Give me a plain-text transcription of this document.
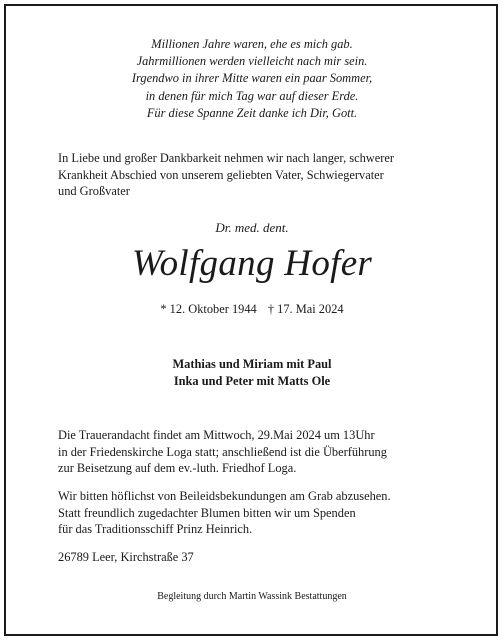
Millionen Jahre waren, ehe es mich gab.
Jahrmillionen werden vielleicht nach mir sein.
Irgendwo in ihrer Mitte waren ein paar Sommer,
in denen für mich Tag war auf dieser Erde.
Für diese Spanne Zeit danke ich Dir, Gott.
In Liebe und großer Dankbarkeit nehmen wir nach langer, schwerer
Krankheit Abschied von unserem geliebten Vater, Schwiegervater
und Großvater
Dr. med. dent.
Wolfgang Hofer
* 12. Oktober 1944 † 17. Mai 2024
Mathias und Miriam mit Paul
Inka und Peter mit Matts Ole
Die Trauerandacht findet am Mittwoch, 29.Mai 2024 um 13Uhr
in der Friedenskirche Loga statt; anschließend ist die Überführung
zur Beisetzung auf dem ev.-luth. Friedhof Loga.
Wir bitten höflichst von Beileidsbekundungen am Grab abzusehen.
Statt freundlich zugedachter Blumen bitten wir um Spenden
für das Traditionsschiff Prinz Heinrich.
26789 Leer, Kirchstraße 37
Begleitung durch Martin Wassink Bestattungen
